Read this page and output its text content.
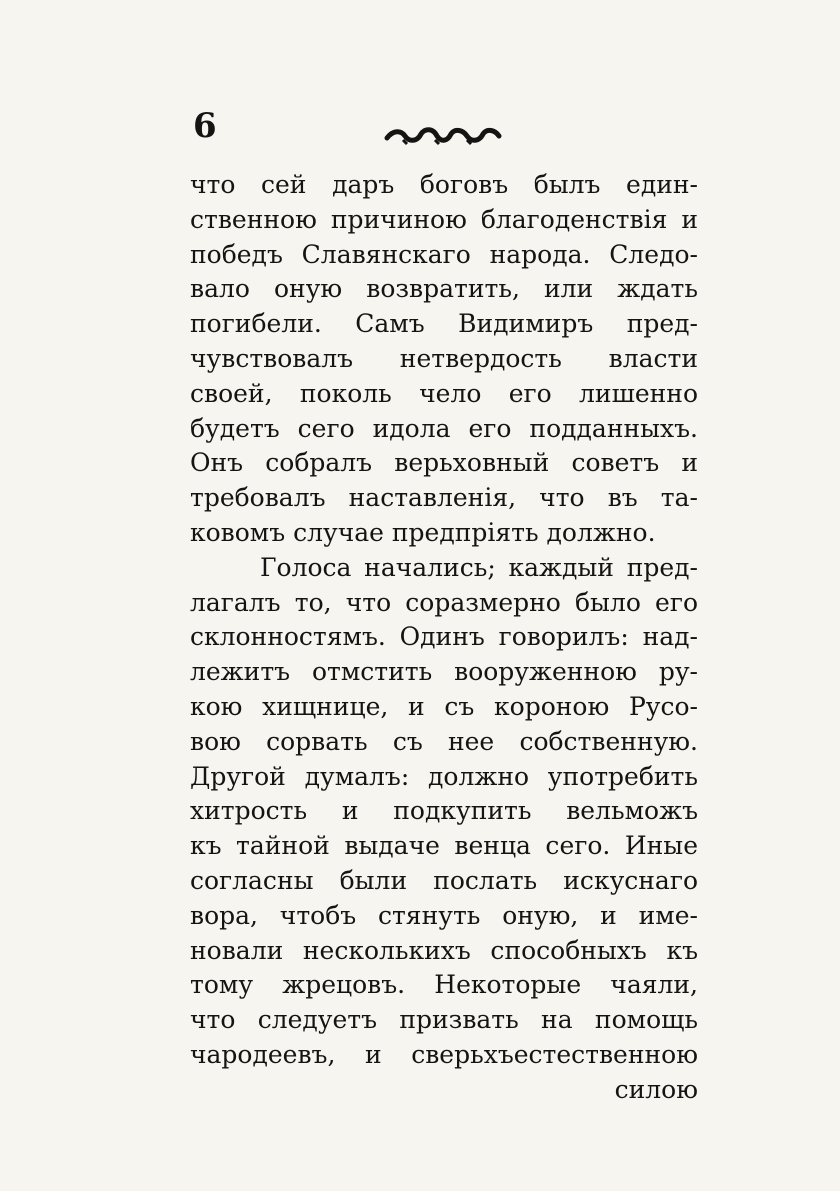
6
что сей даръ боговъ былъ един-
ственною причиною благоденствiя и
победъ Славянскаго народа. Следо-
вало оную возвратить, или ждать
погибели. Самъ Видимиръ пред-
чувствовалъ нетвердость власти
своей, поколь чело его лишенно
будетъ сего идола его подданныхъ.
Онъ собралъ верьховный советъ и
требовалъ наставленiя, что въ та-
ковомъ случае предпрiять должно.
Голоса начались; каждый пред-
лагалъ то, что соразмерно было его
склонностямъ. Одинъ говорилъ: над-
лежитъ отмстить вооруженною ру-
кою хищнице, и съ короною Русо-
вою сорвать съ нее собственную.
Другой думалъ: должно употребить
хитрость и подкупить вельможъ
къ тайной выдаче венца сего. Иные
согласны были послать искуснаго
вора, чтобъ стянуть оную, и име-
новали несколькихъ способныхъ къ
тому жрецовъ. Некоторые чаяли,
что следуетъ призвать на помощь
чародеевъ, и сверьхъестественною
силою
